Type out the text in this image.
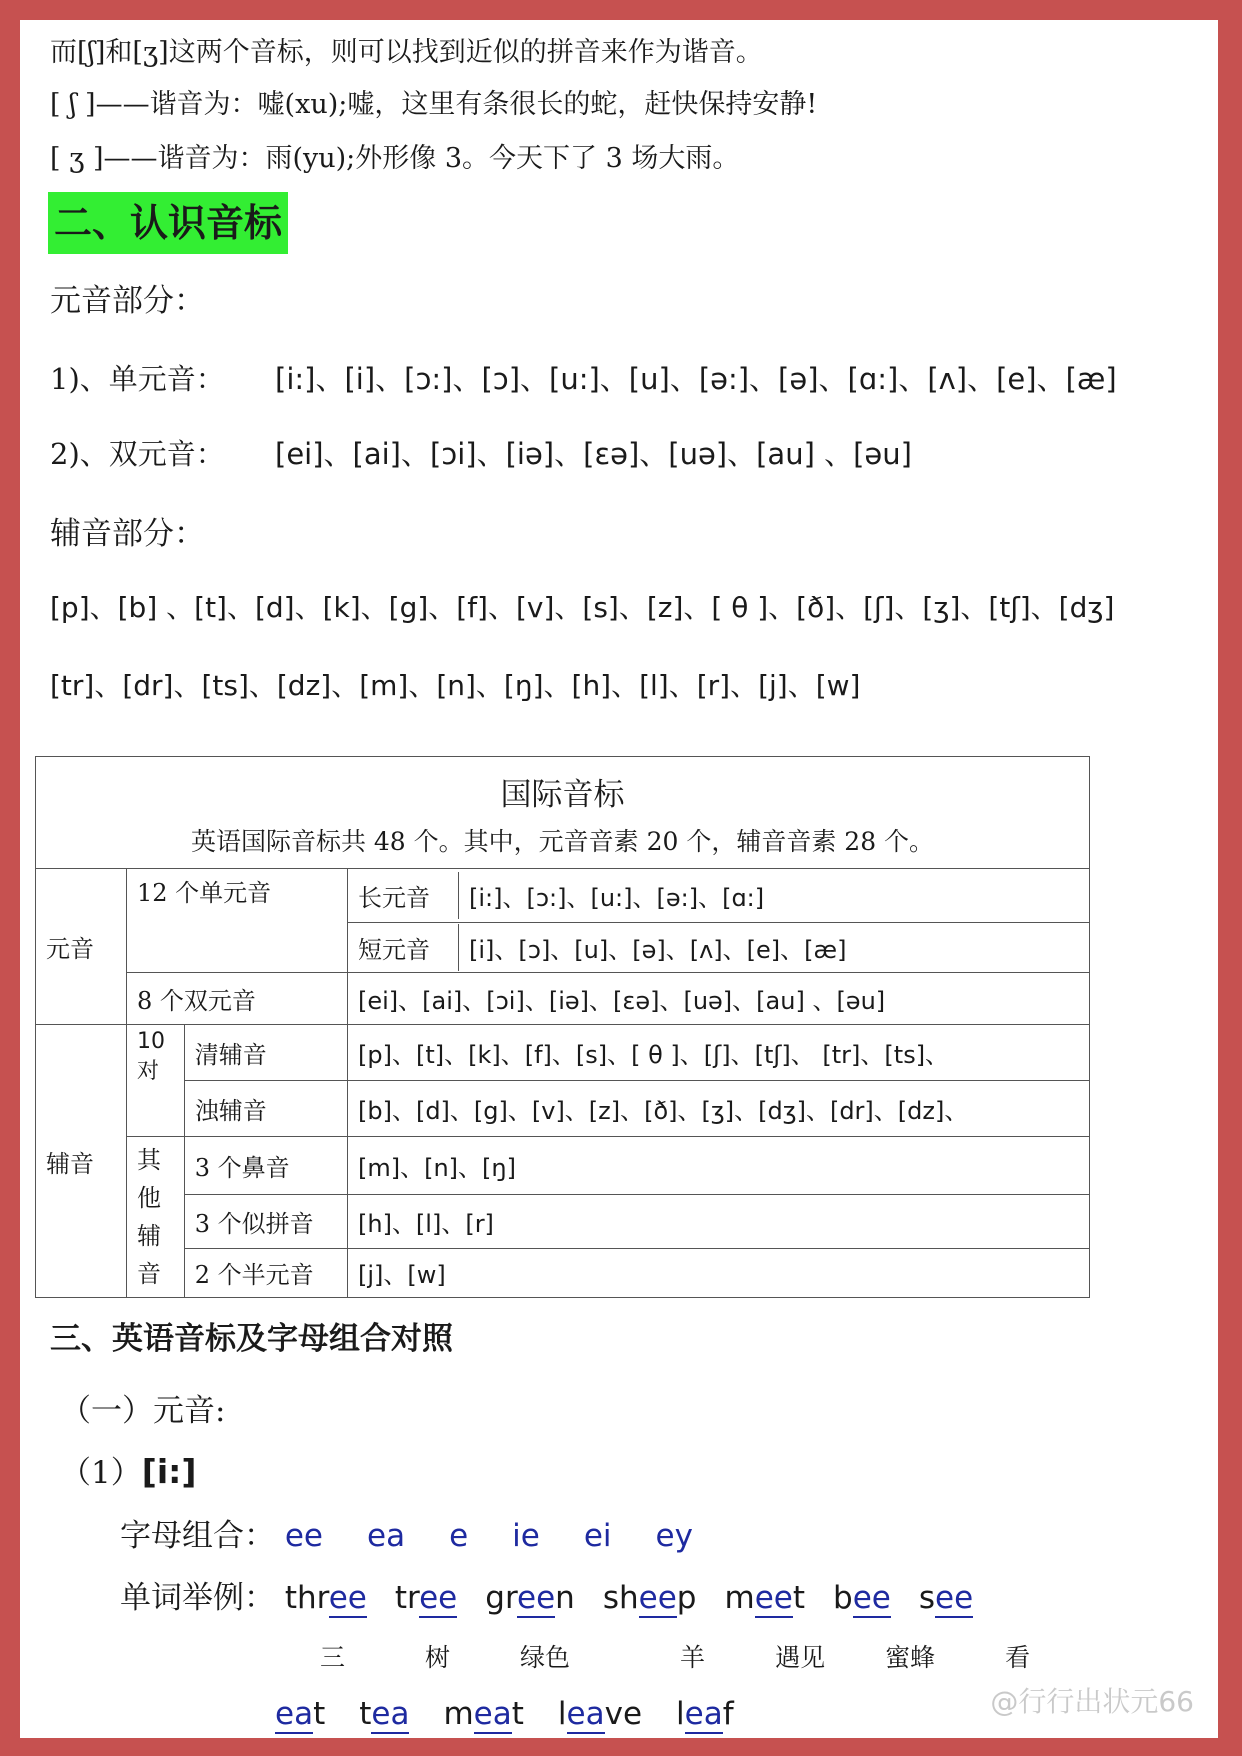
而[ʃ]和[ʒ]这两个音标，则可以找到近似的拼音来作为谐音。
[ ʃ ]——谐音为：嘘(xu);嘘，这里有条很长的蛇，赶快保持安静!
[ ʒ ]——谐音为：雨(yu);外形像 3。今天下了 3 场大雨。
二、认识音标
元音部分：
1)、单元音： [i:]、[i]、[ɔ:]、[ɔ]、[u:]、[u]、[ə:]、[ə]、[ɑ:]、[ʌ]、[e]、[æ]
2)、双元音： [ei]、[ai]、[ɔi]、[iə]、[ɛə]、[uə]、[au] 、[əu]
辅音部分：
[p]、[b] 、[t]、[d]、[k]、[g]、[f]、[v]、[s]、[z]、[ θ ]、[ð]、[ʃ]、[ʒ]、[tʃ]、[dʒ]
[tr]、[dr]、[ts]、[dz]、[m]、[n]、[ŋ]、[h]、[l]、[r]、[j]、[w]
国际音标
英语国际音标共 48 个。其中，元音音素 20 个，辅音音素 28 个。			

元音	12 个单元音		长元音 [i:]、[ɔ:]、[u:]、[ə:]、[ɑ:]
			短元音 [i]、[ɔ]、[u]、[ə]、[ʌ]、[e]、[æ]
	8 个双元音		[ei]、[ai]、[ɔi]、[iə]、[ɛə]、[uə]、[au] 、[əu]
辅音	10
对	清辅音	[p]、[t]、[k]、[f]、[s]、[ θ ]、[ʃ]、[tʃ]、 [tr]、[ts]、
		浊辅音	[b]、[d]、[g]、[v]、[z]、[ð]、[ʒ]、[dʒ]、[dr]、[dz]、

	其
他
辅
音	3 个鼻音	[m]、[n]、[ŋ]
		3 个似拼音	[h]、[l]、[r]
		2 个半元音	[j]、[w]
三、英语音标及字母组合对照
（一）元音:
（1）[i:]
字母组合： ee ea e ie ei ey
单词举例： three tree green sheep meet bee see
三	树	绿色	羊	遇见 蜜蜂	看
eat tea meat leave leaf	@行行出状元66
